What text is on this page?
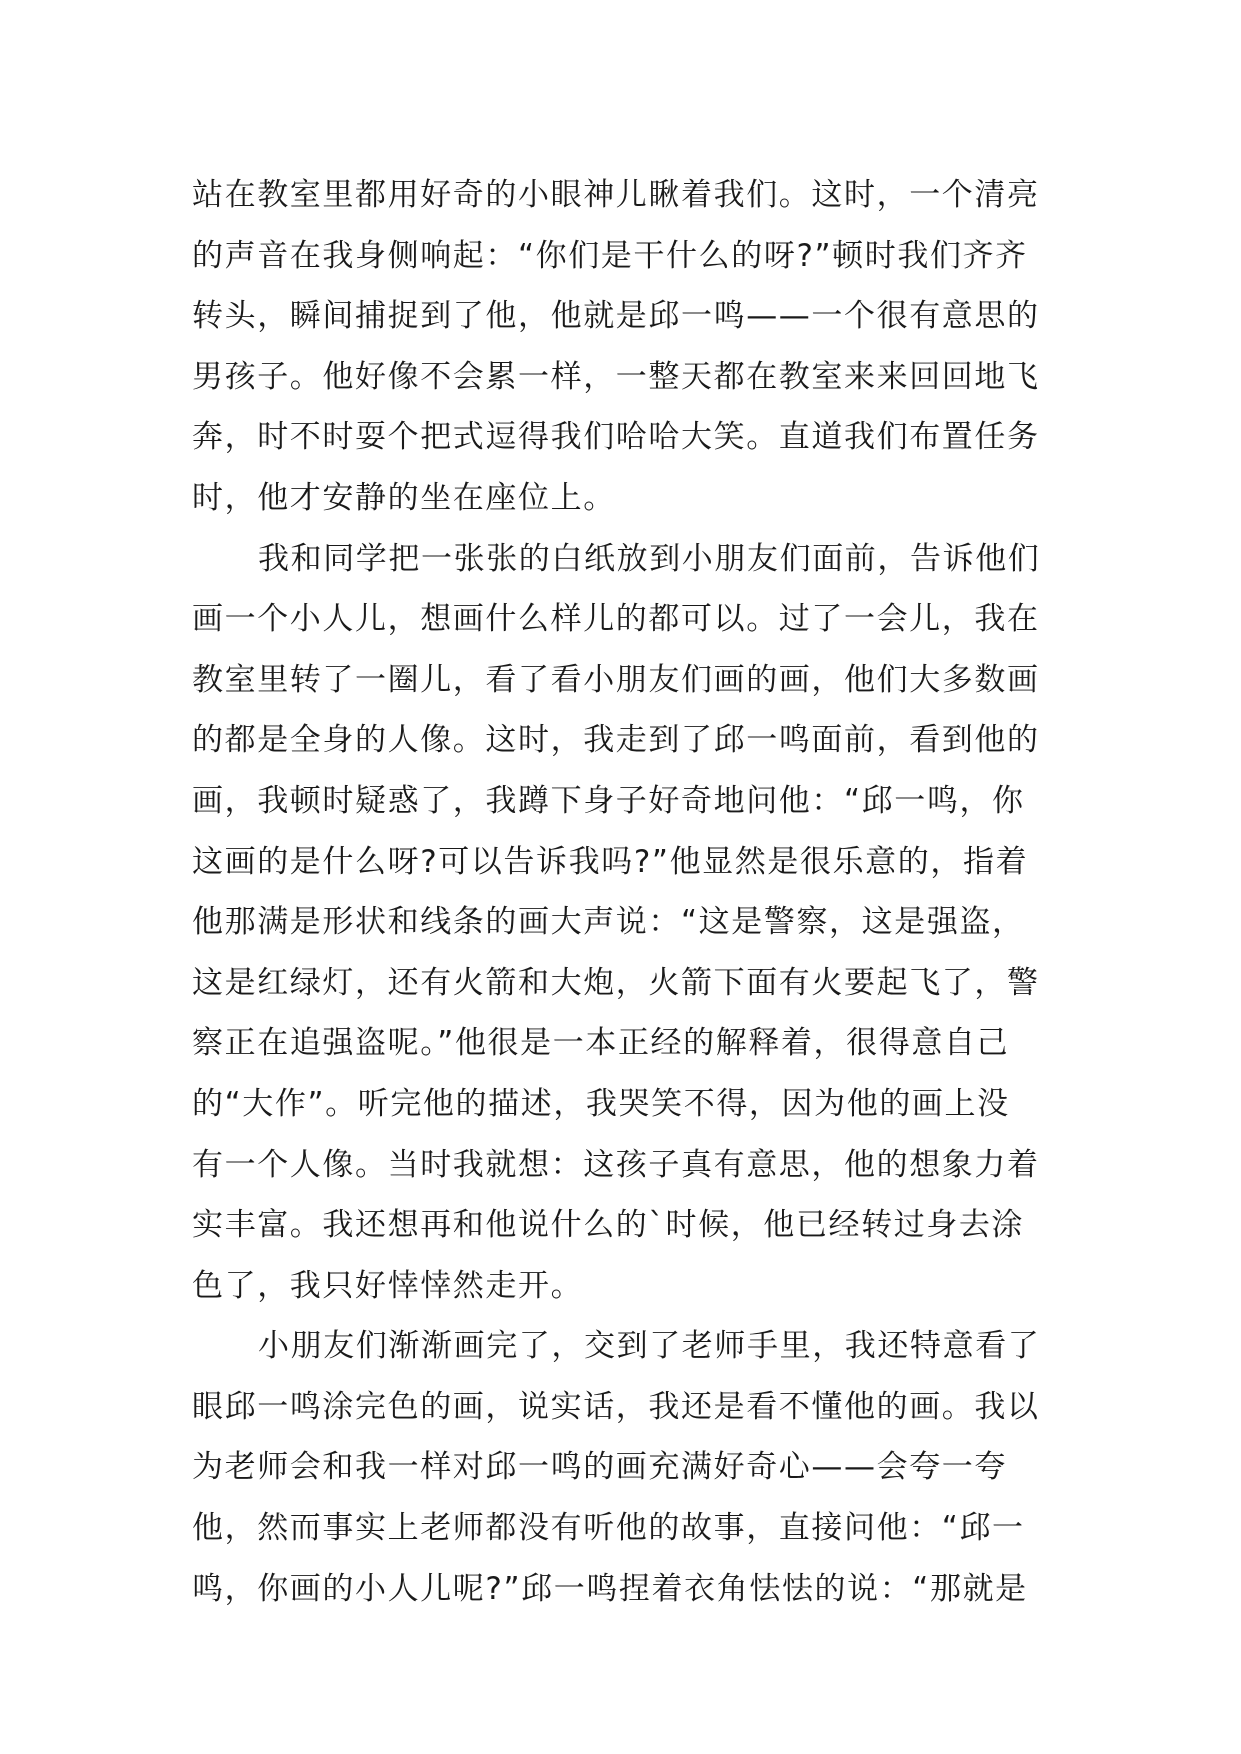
站在教室里都用好奇的小眼神儿瞅着我们。这时，一个清亮
的声音在我身侧响起：“你们是干什么的呀?”顿时我们齐齐
转头，瞬间捕捉到了他，他就是邱一鸣——一个很有意思的
男孩子。他好像不会累一样，一整天都在教室来来回回地飞
奔，时不时耍个把式逗得我们哈哈大笑。直道我们布置任务
时，他才安静的坐在座位上。
我和同学把一张张的白纸放到小朋友们面前，告诉他们
画一个小人儿，想画什么样儿的都可以。过了一会儿，我在
教室里转了一圈儿，看了看小朋友们画的画，他们大多数画
的都是全身的人像。这时，我走到了邱一鸣面前，看到他的
画，我顿时疑惑了，我蹲下身子好奇地问他：“邱一鸣，你
这画的是什么呀?可以告诉我吗?”他显然是很乐意的，指着
他那满是形状和线条的画大声说：“这是警察，这是强盗，
这是红绿灯，还有火箭和大炮，火箭下面有火要起飞了，警
察正在追强盗呢。”他很是一本正经的解释着，很得意自己
的“大作”。听完他的描述，我哭笑不得，因为他的画上没
有一个人像。当时我就想：这孩子真有意思，他的想象力着
实丰富。我还想再和他说什么的`时候，他已经转过身去涂
色了，我只好悻悻然走开。
小朋友们渐渐画完了，交到了老师手里，我还特意看了
眼邱一鸣涂完色的画，说实话，我还是看不懂他的画。我以
为老师会和我一样对邱一鸣的画充满好奇心——会夸一夸
他，然而事实上老师都没有听他的故事，直接问他：“邱一
鸣，你画的小人儿呢?”邱一鸣捏着衣角怯怯的说：“那就是
